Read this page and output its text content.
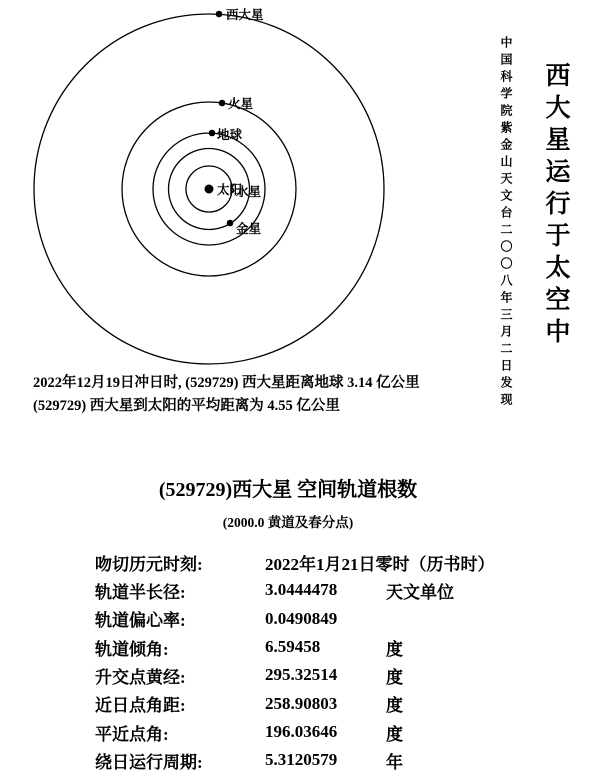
西大星
火星
地球
金星
水星
太阳
2022年12月19日冲日时, (529729) 西大星距离地球 3.14 亿公里
(529729) 西大星到太阳的平均距离为 4.55 亿公里	中国科学院紫金山天文台二〇〇八年三月二日发现 西大星运行于太空中
(529729)西大星 空间轨道根数
(2000.0 黄道及春分点)
吻切历元时刻:	2022年1月21日零时（历书时）
轨道半长径:	3.0444478	天文单位
轨道偏心率:	0.0490849
轨道倾角:	6.59458	度
升交点黄经:	295.32514	度
近日点角距:	258.90803	度
平近点角:	196.03646	度
绕日运行周期:	5.3120579	年
